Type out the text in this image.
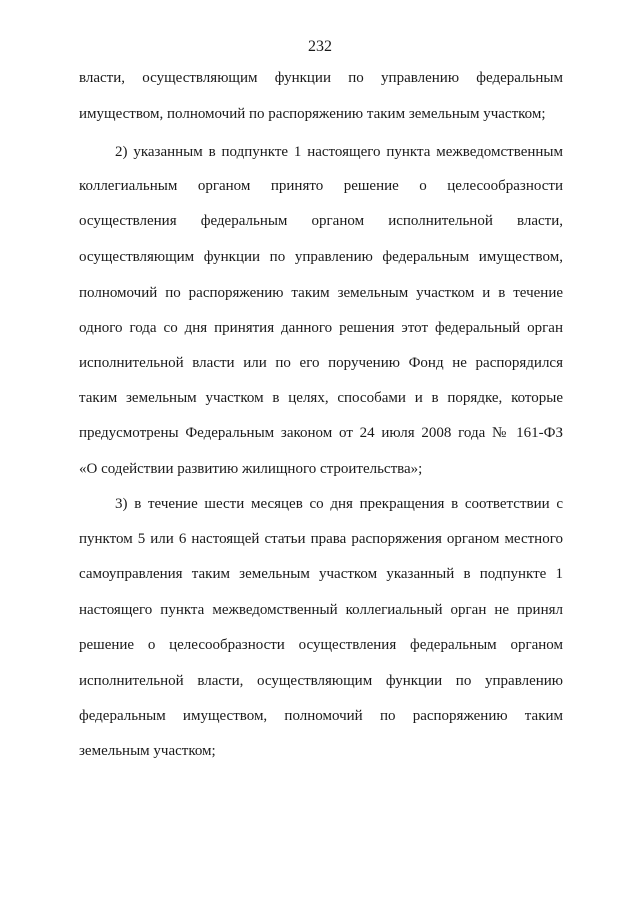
232
власти, осуществляющим функции по управлению федеральным
имуществом, полномочий по распоряжению таким земельным участком;
2) указанным в подпункте 1 настоящего пункта межведомственным
коллегиальным органом принято решение о целесообразности
осуществления федеральным органом исполнительной власти,
осуществляющим функции по управлению федеральным имуществом,
полномочий по распоряжению таким земельным участком и в течение
одного года со дня принятия данного решения этот федеральный орган
исполнительной власти или по его поручению Фонд не распорядился
таким земельным участком в целях, способами и в порядке, которые
предусмотрены Федеральным законом от 24 июля 2008 года № 161-ФЗ
«О содействии развитию жилищного строительства»;
3) в течение шести месяцев со дня прекращения в соответствии с
пунктом 5 или 6 настоящей статьи права распоряжения органом местного
самоуправления таким земельным участком указанный в подпункте 1
настоящего пункта межведомственный коллегиальный орган не принял
решение о целесообразности осуществления федеральным органом
исполнительной власти, осуществляющим функции по управлению
федеральным имуществом, полномочий по распоряжению таким
земельным участком;
